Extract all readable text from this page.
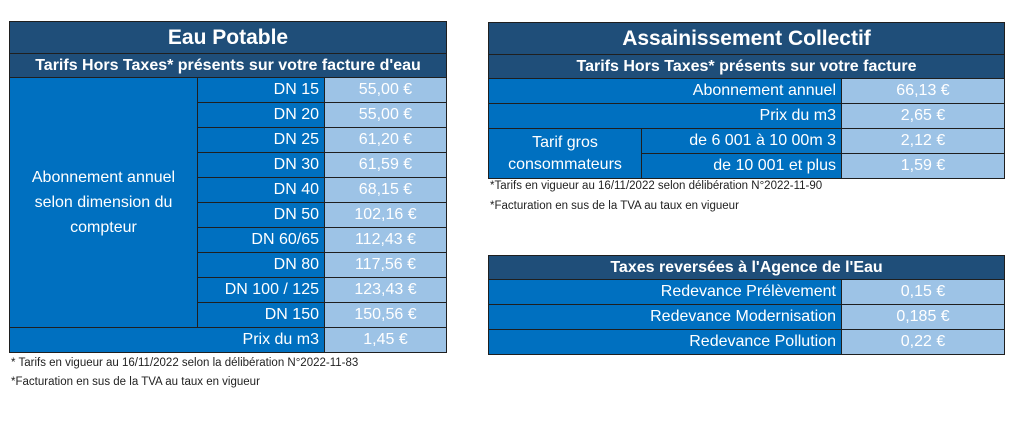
Eau Potable		
Tarifs Hors Taxes* présents sur votre facture d'eau		
Abonnement annuel selon dimension du compteur	DN 15	55,00 €
	DN 20	55,00 €
	DN 25	61,20 €
	DN 30	61,59 €
	DN 40	68,15 €
	DN 50	102,16 €
	DN 60/65	112,43 €
	DN 80	117,56 €
	DN 100 / 125	123,43 €
	DN 150	150,56 €
Prix du m3		1,45 €
* Tarifs en vigueur au 16/11/2022 selon la délibération N°2022-11-83
*Facturation en sus de la TVA au taux en vigueur
Assainissement Collectif		
Tarifs Hors Taxes* présents sur votre facture		
Abonnement annuel		66,13 €
Prix du m3		2,65 €
Tarif gros consommateurs	de 6 001 à 10 00m 3	2,12 €
	de 10 001 et plus	1,59 €
*Tarifs en vigueur au 16/11/2022 selon délibération N°2022-11-90
*Facturation en sus de la TVA au taux en vigueur
Taxes reversées à l'Agence de l'Eau	
Redevance Prélèvement	0,15 €
Redevance Modernisation	0,185 €
Redevance Pollution	0,22 €
